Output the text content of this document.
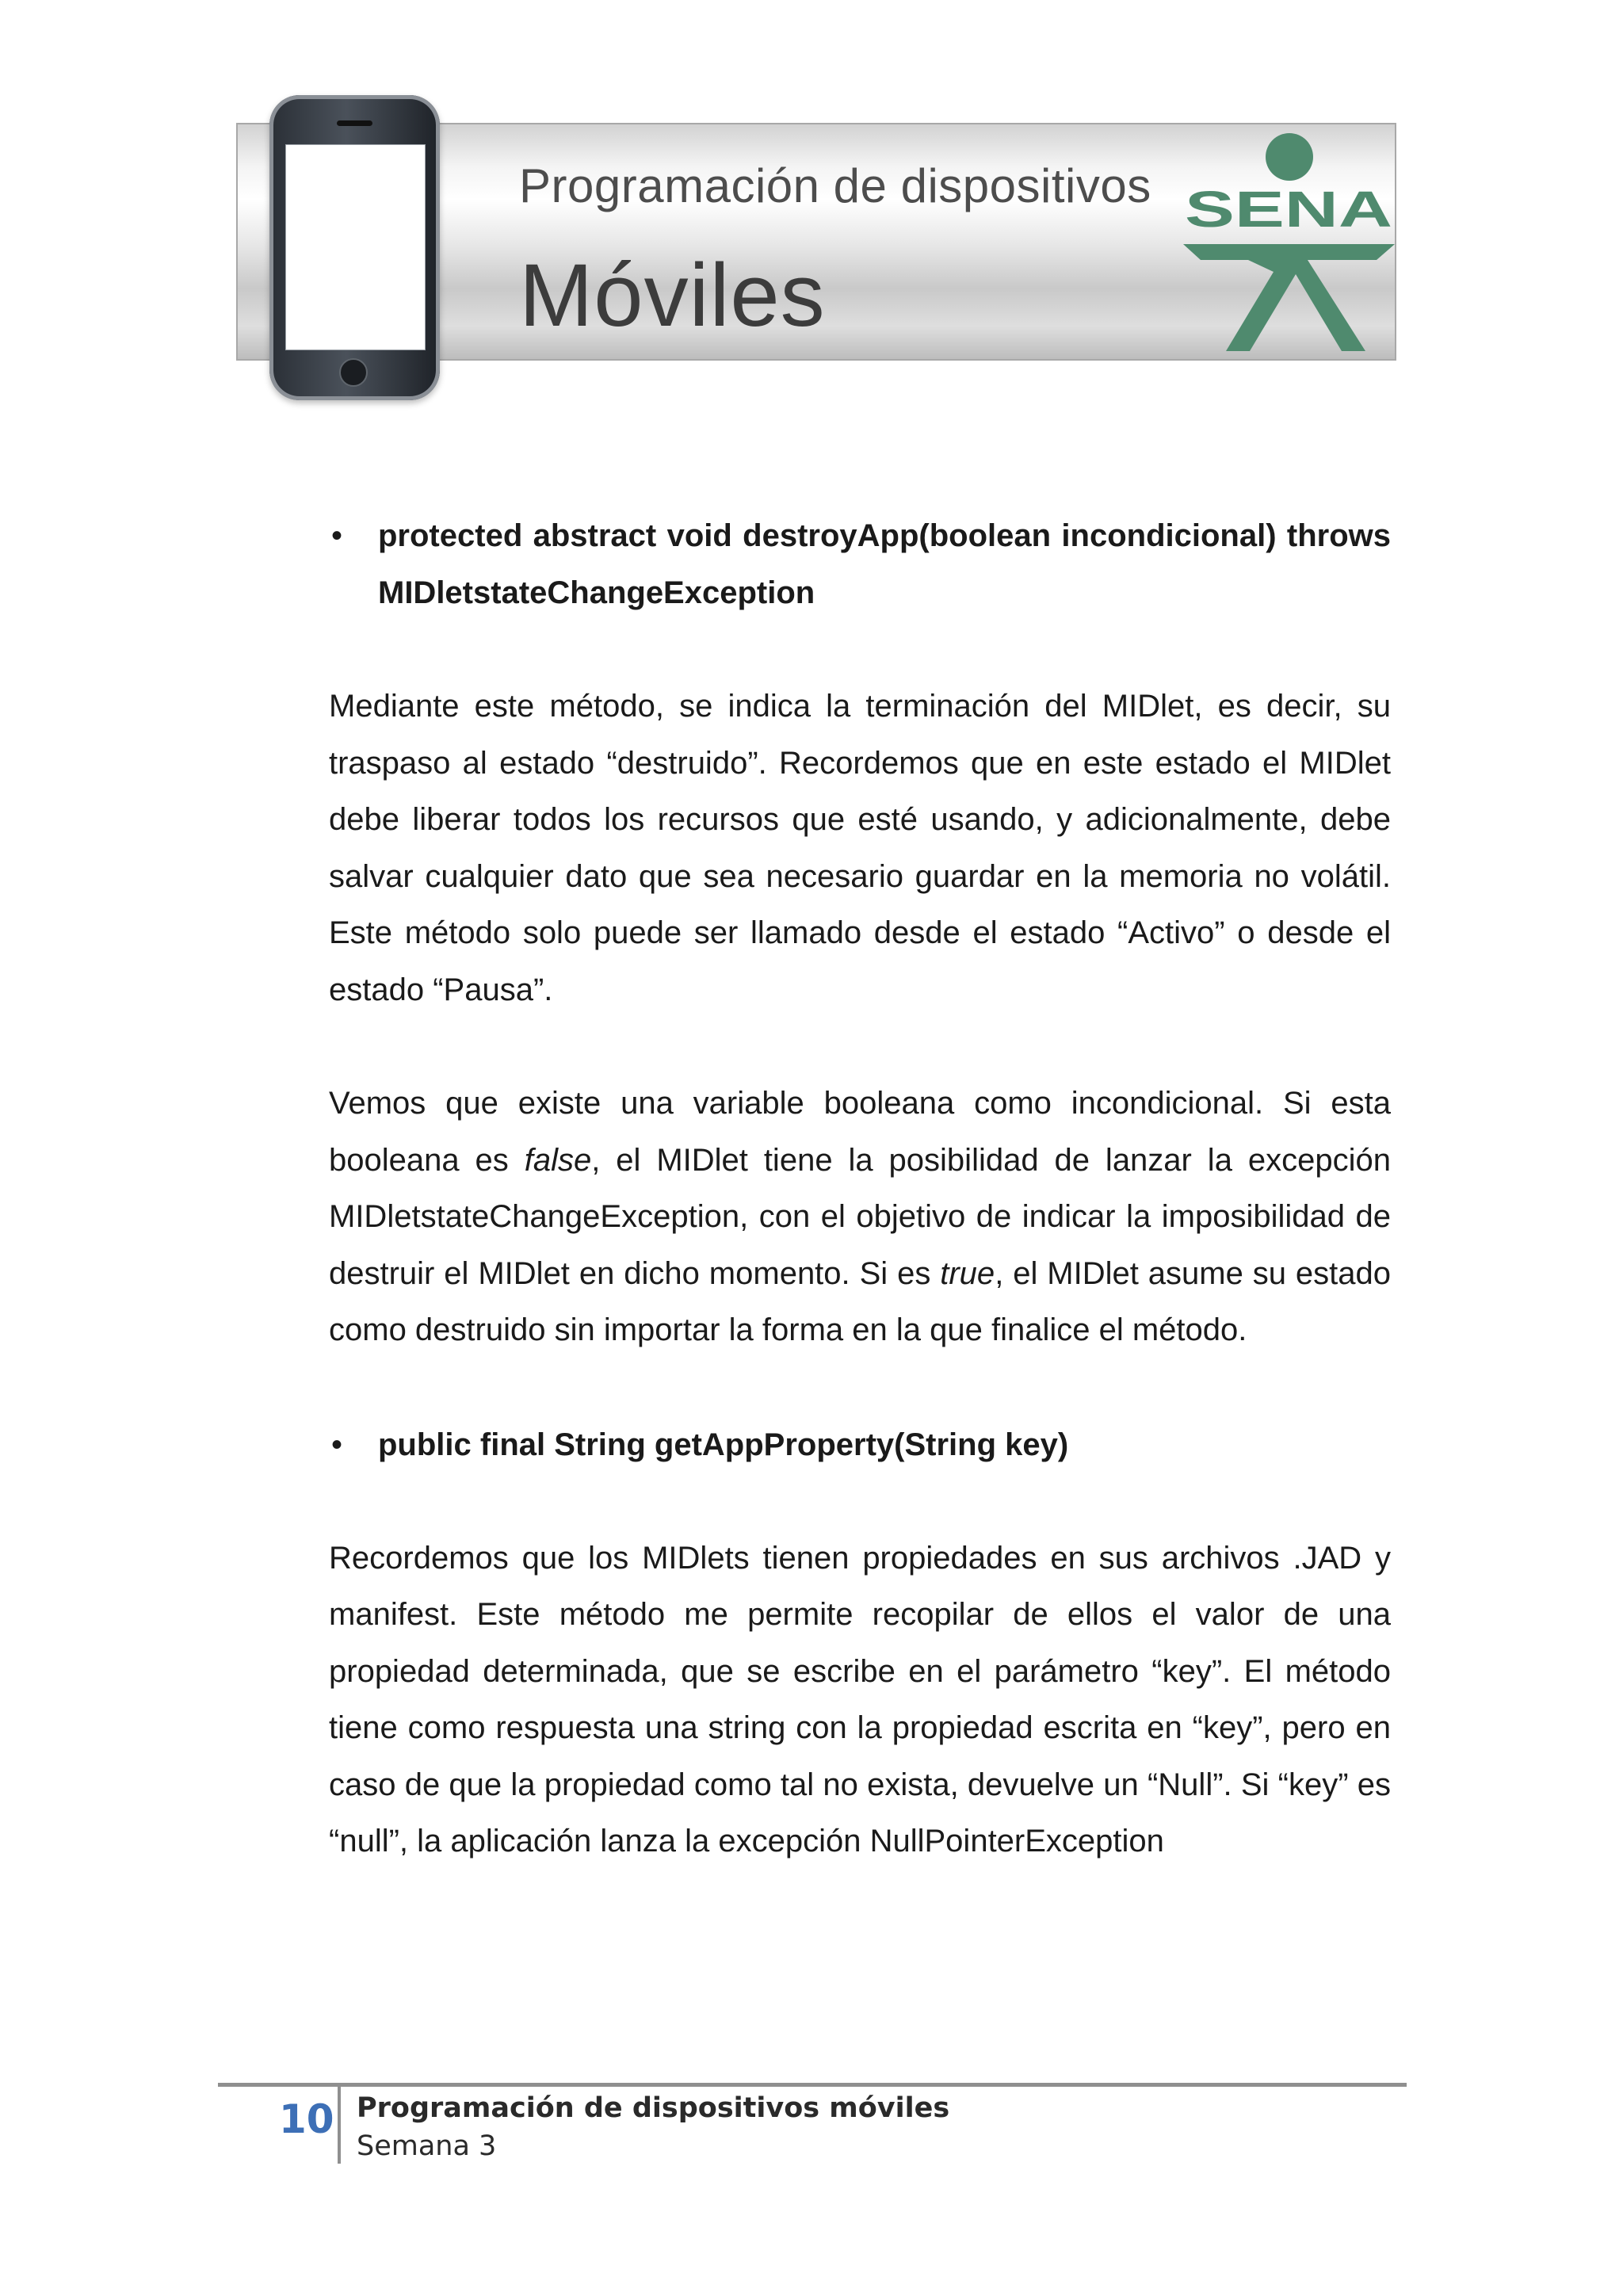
Programación de dispositivos
Móviles
SENA
• protected abstract void destroyApp(boolean incondicional) throws MIDletstateChangeException

Mediante este método, se indica la terminación del MIDlet, es decir, su traspaso al estado “destruido”. Recordemos que en este estado el MIDlet debe liberar todos los recursos que esté usando, y adicionalmente, debe salvar cualquier dato que sea necesario guardar en la memoria no volátil. Este método solo puede ser llamado desde el estado “Activo” o desde el estado “Pausa”.

Vemos que existe una variable booleana como incondicional. Si esta booleana es false, el MIDlet tiene la posibilidad de lanzar la excepción MIDletstateChangeException, con el objetivo de indicar la imposibilidad de destruir el MIDlet en dicho momento. Si es true, el MIDlet asume su estado como destruido sin importar la forma en la que finalice el método.

• public final String getAppProperty(String key)

Recordemos que los MIDlets tienen propiedades en sus archivos .JAD y manifest. Este método me permite recopilar de ellos el valor de una propiedad determinada, que se escribe en el parámetro “key”. El método tiene como respuesta una string con la propiedad escrita en “key”, pero en caso de que la propiedad como tal no exista, devuelve un “Null”. Si “key” es “null”, la aplicación lanza la excepción NullPointerException

10 Programación de dispositivos móviles
Semana 3
